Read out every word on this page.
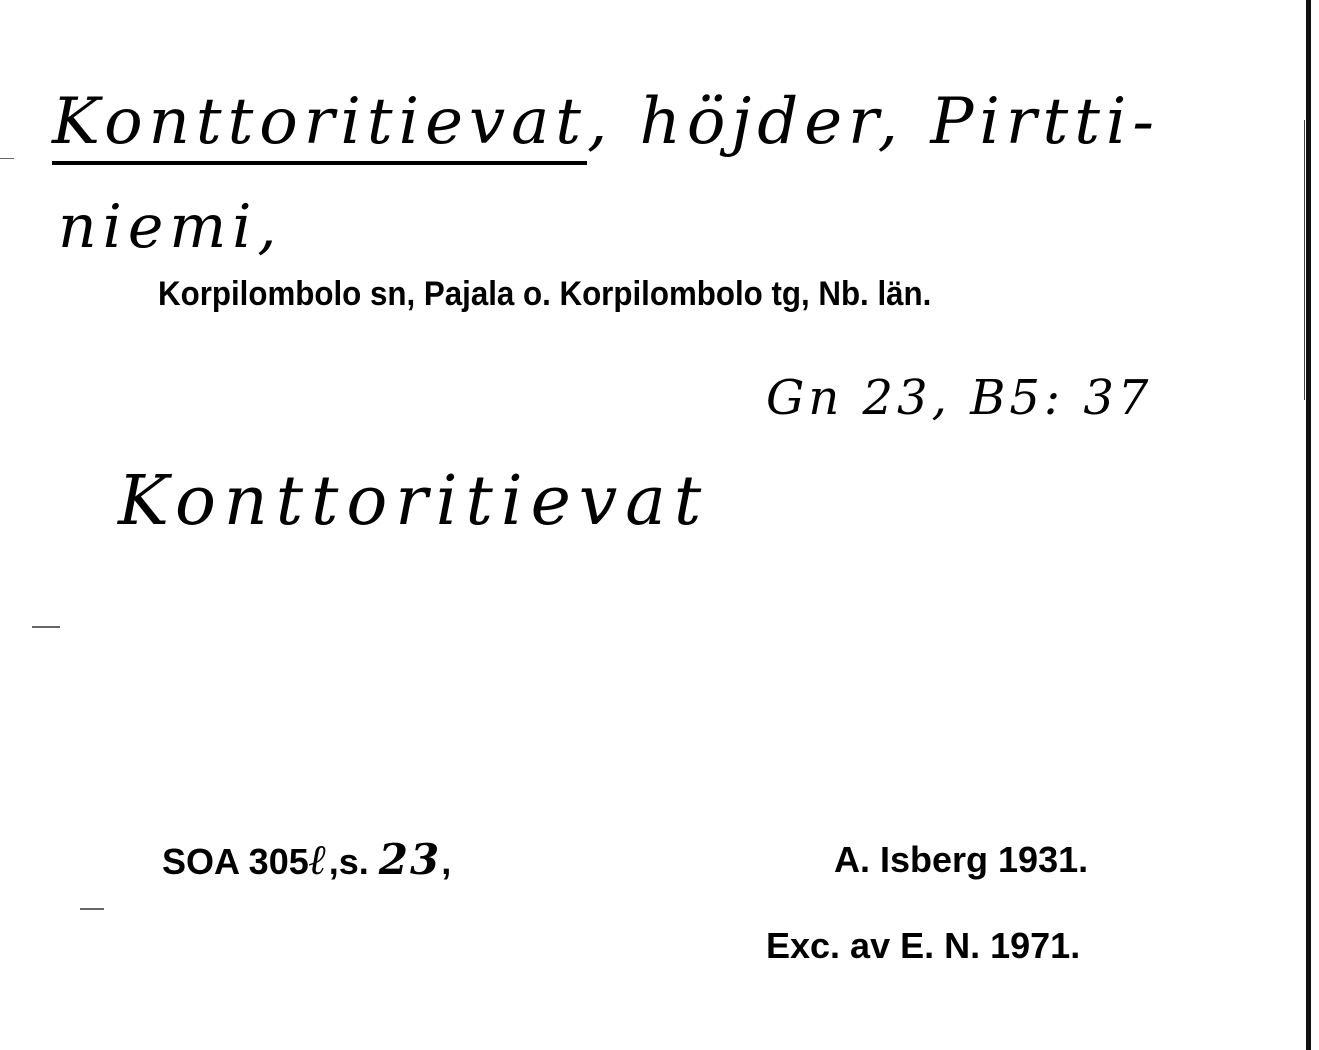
Konttoritievat, höjder, Pirtti-
niemi,
Korpilombolo sn, Pajala o. Korpilombolo tg, Nb. län.
Gn 23, B5: 37
Konttoritievat
SOA 305ℓ,s. 23,	A. Isberg 1931.
Exc. av E. N. 1971.
